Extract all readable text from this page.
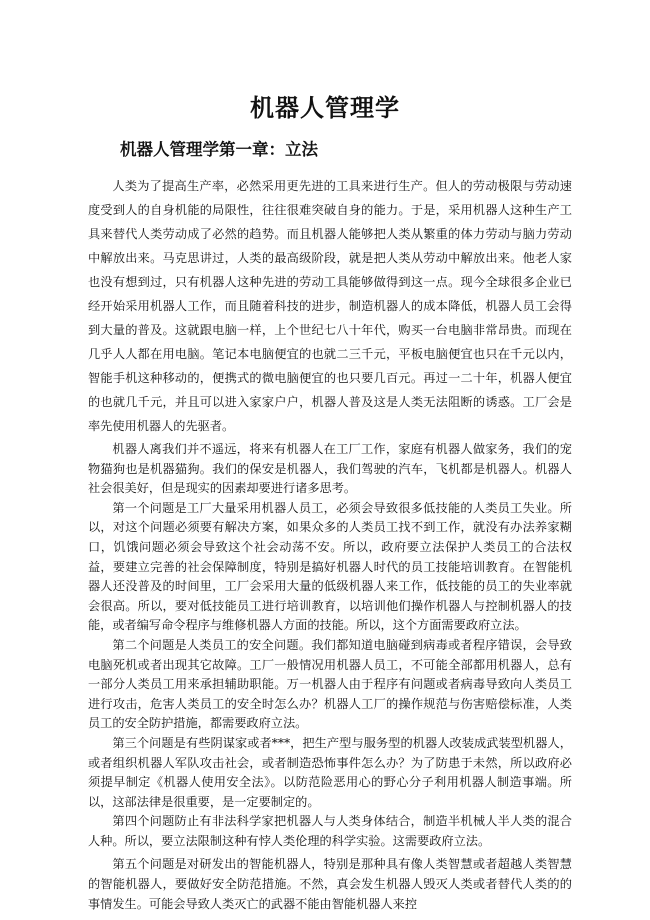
机器人管理学
机器人管理学第一章：立法

人类为了提高生产率，必然采用更先进的工具来进行生产。但人的劳动极限与劳动速度受到人的自身机能的局限性，往往很难突破自身的能力。于是，采用机器人这种生产工具来替代人类劳动成了必然的趋势。而且机器人能够把人类从繁重的体力劳动与脑力劳动中解放出来。马克思讲过，人类的最高级阶段，就是把人类从劳动中解放出来。他老人家也没有想到过，只有机器人这种先进的劳动工具能够做得到这一点。现今全球很多企业已经开始采用机器人工作，而且随着科技的进步，制造机器人的成本降低，机器人员工会得到大量的普及。这就跟电脑一样，上个世纪七八十年代，购买一台电脑非常昂贵。而现在几乎人人都在用电脑。笔记本电脑便宜的也就二三千元，平板电脑便宜也只在千元以内，智能手机这种移动的，便携式的微电脑便宜的也只要几百元。再过一二十年，机器人便宜的也就几千元，并且可以进入家家户户，机器人普及这是人类无法阻断的诱惑。工厂会是率先使用机器人的先驱者。

机器人离我们并不遥远，将来有机器人在工厂工作，家庭有机器人做家务，我们的宠物猫狗也是机器猫狗。我们的保安是机器人，我们驾驶的汽车，飞机都是机器人。机器人社会很美好，但是现实的因素却要进行诸多思考。

第一个问题是工厂大量采用机器人员工，必须会导致很多低技能的人类员工失业。所以，对这个问题必须要有解决方案，如果众多的人类员工找不到工作，就没有办法养家糊口，饥饿问题必须会导致这个社会动荡不安。所以，政府要立法保护人类员工的合法权益，要建立完善的社会保障制度，特别是搞好机器人时代的员工技能培训教育。在智能机器人还没普及的时间里，工厂会采用大量的低级机器人来工作，低技能的员工的失业率就会很高。所以，要对低技能员工进行培训教育，以培训他们操作机器人与控制机器人的技能，或者编写命令程序与维修机器人方面的技能。所以，这个方面需要政府立法。

第二个问题是人类员工的安全问题。我们都知道电脑碰到病毒或者程序错误，会导致电脑死机或者出现其它故障。工厂一般情况用机器人员工，不可能全部都用机器人，总有一部分人类员工用来承担辅助职能。万一机器人由于程序有问题或者病毒导致向人类员工进行攻击，危害人类员工的安全时怎么办？机器人工厂的操作规范与伤害赔偿标准，人类员工的安全防护措施，都需要政府立法。

第三个问题是有些阴谋家或者***，把生产型与服务型的机器人改装成武装型机器人，或者组织机器人军队攻击社会，或者制造恐怖事件怎么办？为了防患于未然，所以政府必须提早制定《机器人使用安全法》。以防范险恶用心的野心分子利用机器人制造事端。所以，这部法律是很重要，是一定要制定的。

第四个问题防止有非法科学家把机器人与人类身体结合，制造半机械人半人类的混合人种。所以，要立法限制这种有悖人类伦理的科学实验。这需要政府立法。

第五个问题是对研发出的智能机器人，特别是那种具有像人类智慧或者超越人类智慧的智能机器人，要做好安全防范措施。不然，真会发生机器人毁灭人类或者替代人类的的事情发生。可能会导致人类灭亡的武器不能由智能机器人来控
